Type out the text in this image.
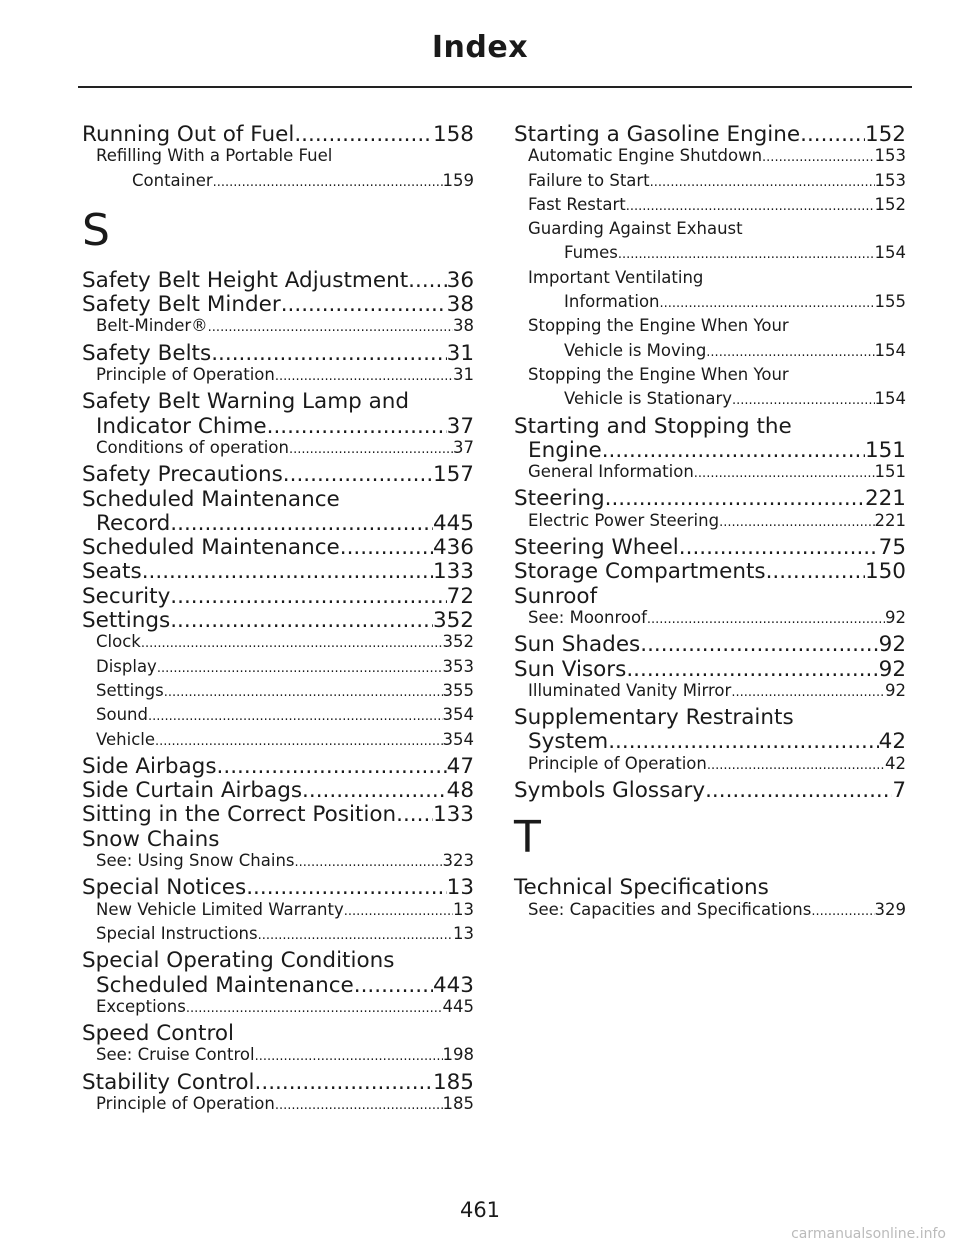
Index
Running Out of Fuel .....	158
Refilling With a Portable Fuel
Container .....	159
S
Safety Belt Height Adjustment ..... 36
Safety Belt Minder .....	38
Belt-Minder® .....	38
Safety Belts .....	31
Principle of Operation .....	31
Safety Belt Warning Lamp and
Indicator Chime .....	37
Conditions of operation .....	37
Safety Precautions .....	157
Scheduled Maintenance
Record .....	445
Scheduled Maintenance .....	436
Seats .....	133
Security .....	72
Settings .....	352
Clock .....	352
Display .....	353
Settings .....	355
Sound .....	354
Vehicle .....	354
Side Airbags .....	47
Side Curtain Airbags .....	48
Sitting in the Correct Position ..... 133
Snow Chains
See: Using Snow Chains .....	323
Special Notices .....	13
New Vehicle Limited Warranty .....	13
Special Instructions .....	13
Special Operating Conditions
Scheduled Maintenance .....	443
Exceptions .....	445
Speed Control
See: Cruise Control .....	198
Stability Control .....	185
Principle of Operation .....	185
Starting a Gasoline Engine .....	152
Automatic Engine Shutdown .....	153
Failure to Start .....	153
Fast Restart .....	152
Guarding Against Exhaust
Fumes .....	154
Important Ventilating
Information .....	155
Stopping the Engine When Your
Vehicle is Moving .....	154
Stopping the Engine When Your
Vehicle is Stationary .....	154
Starting and Stopping the
Engine .....	151
General Information .....	151
Steering .....	221
Electric Power Steering .....	221
Steering Wheel .....	75
Storage Compartments .....	150
Sunroof
See: Moonroof .....	92
Sun Shades .....	92
Sun Visors .....	92
Illuminated Vanity Mirror .....	92
Supplementary Restraints
System .....	42
Principle of Operation .....	42
Symbols Glossary .....	7
T
Technical Specifications
See: Capacities and Specifications .....	329
461
carmanualsonline.info
